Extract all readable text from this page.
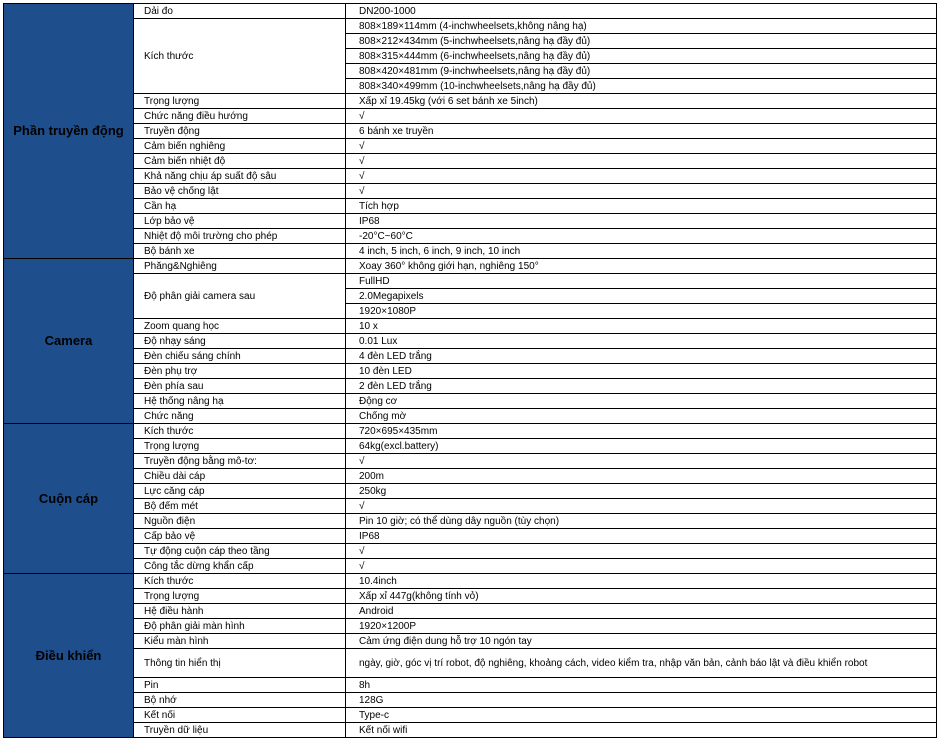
Phần truyền động	Dải đo	DN200-1000
	Kích thước	808×189×114mm (4-inchwheelsets,không nâng hạ)
		808×212×434mm (5-inchwheelsets,nâng hạ đầy đủ)
		808×315×444mm (6-inchwheelsets,nâng hạ đầy đủ)
		808×420×481mm (9-inchwheelsets,nâng hạ đầy đủ)
		808×340×499mm (10-inchwheelsets,nâng hạ đầy đủ)
	Trọng lượng	Xấp xỉ 19.45kg (với 6 set bánh xe 5inch)
	Chức năng điều hướng	√
	Truyền động	6 bánh xe truyền
	Cảm biến nghiêng	√
	Cảm biến nhiệt độ	√
	Khả năng chịu áp suất độ sâu	√
	Bảo vệ chống lật	√
	Cần hạ	Tích hợp
	Lớp bảo vệ	IP68
	Nhiệt độ môi trường cho phép	-20°C~60°C
	Bộ bánh xe	4 inch, 5 inch, 6 inch, 9 inch, 10 inch
Camera	Phăng&Nghiêng	Xoay 360° không giới hạn, nghiêng 150°
	Độ phân giải camera sau	FullHD
		2.0Megapixels
		1920×1080P
	Zoom quang học	10 x
	Độ nhạy sáng	0.01 Lux
	Đèn chiếu sáng chính	4 đèn LED trắng
	Đèn phụ trợ	10 đèn LED
	Đèn phía sau	2 đèn LED trắng
	Hệ thống nâng hạ	Động cơ
	Chức năng	Chống mờ
Cuộn cáp	Kích thước	720×695×435mm
	Trọng lượng	64kg(excl.battery)
	Truyền động bằng mô-tơ:	√
	Chiều dài cáp	200m
	Lực căng cáp	250kg
	Bộ đếm mét	√
	Nguồn điện	Pin 10 giờ; có thể dùng dây nguồn (tùy chọn)
	Cấp bảo vệ	IP68
	Tự động cuộn cáp theo tầng	√
	Công tắc dừng khẩn cấp	√
Điều khiển	Kích thước	10.4inch
	Trọng lượng	Xấp xỉ 447g(không tính vỏ)
	Hệ điều hành	Android
	Độ phân giải màn hình	1920×1200P
	Kiểu màn hình	Cảm ứng điện dung hỗ trợ 10 ngón tay
	Thông tin hiển thị	ngày, giờ, góc vị trí robot, độ nghiêng, khoảng cách, video kiểm tra, nhập văn bản, cảnh báo lật và điều khiển robot
	Pin	8h
	Bộ nhớ	128G
	Kết nối	Type-c
	Truyền dữ liệu	Kết nối wifi
